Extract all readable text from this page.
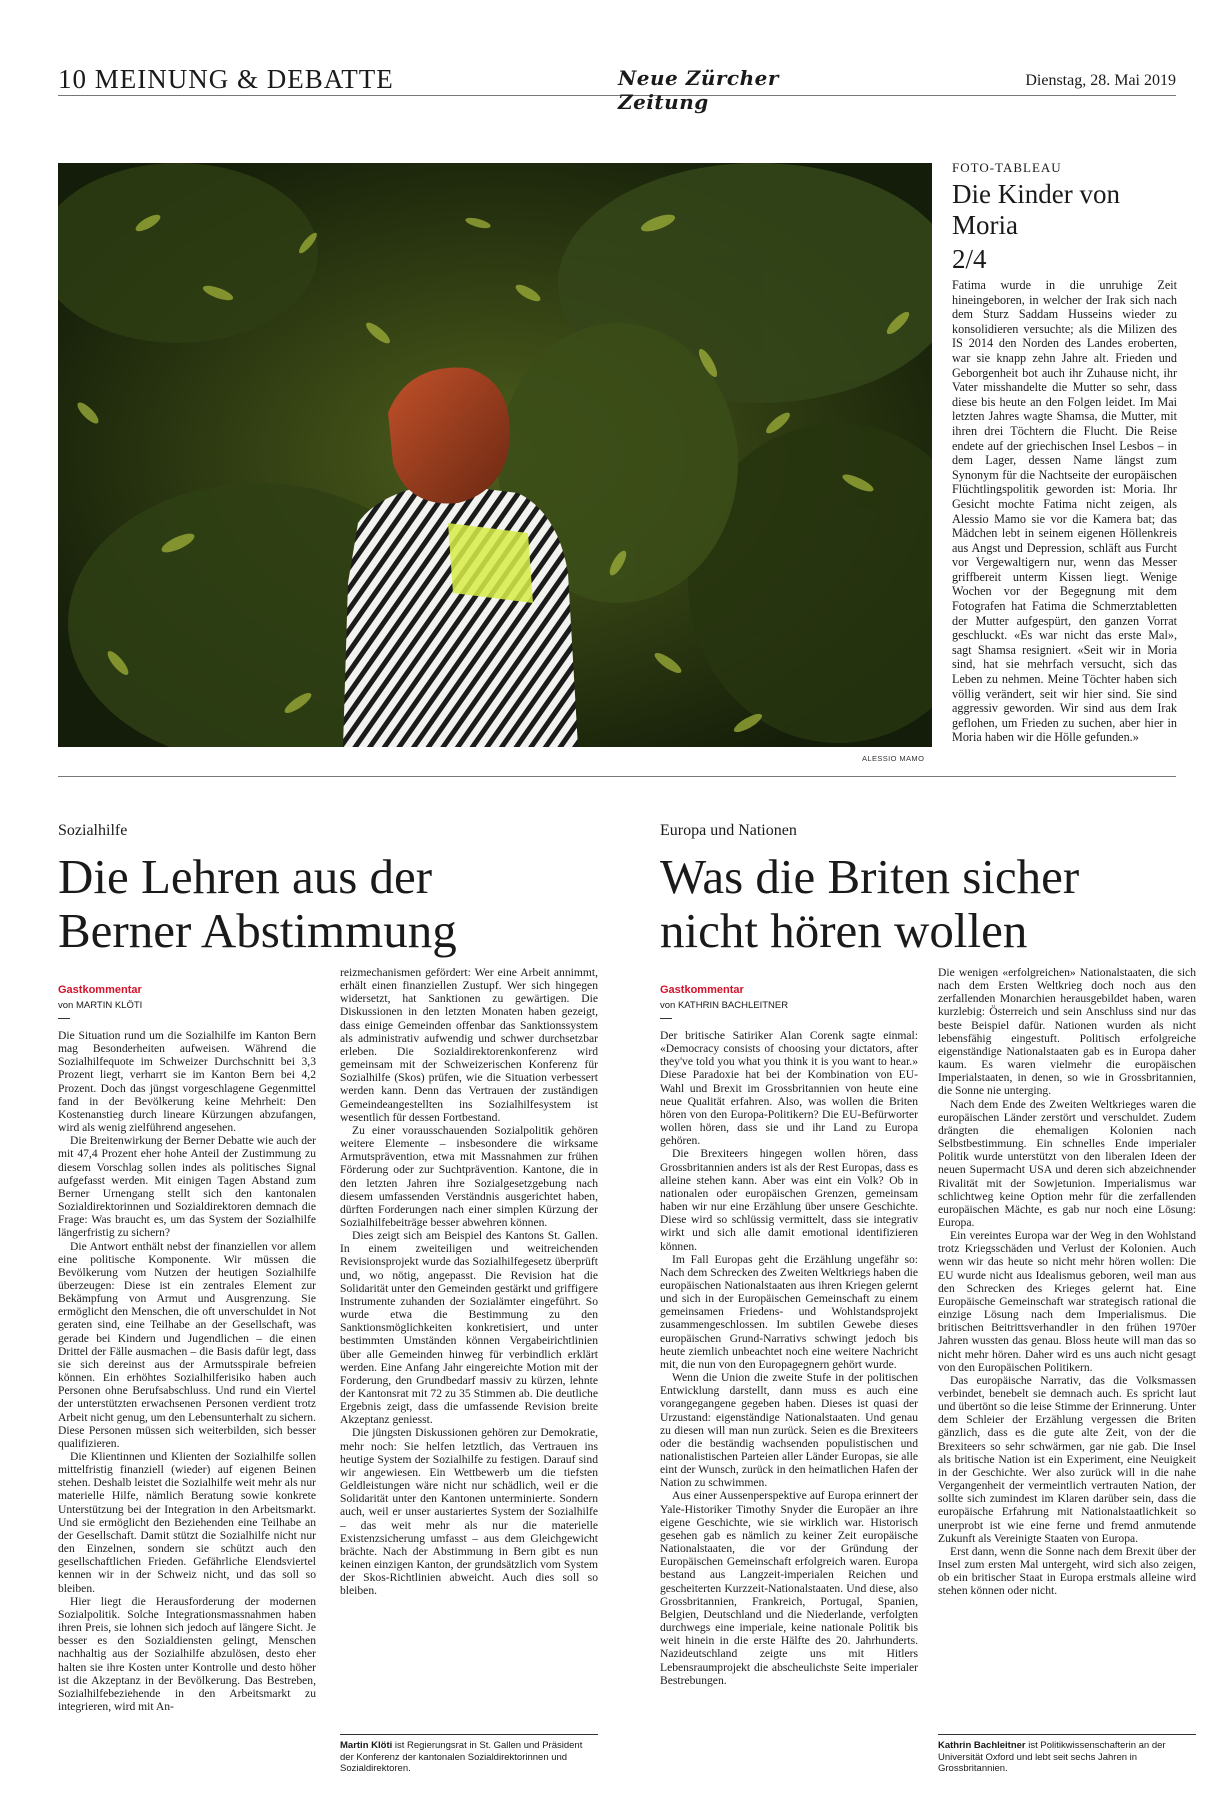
10 MEINUNG & DEBATTE	Neue Zürcher Zeitung
Dienstag, 28. Mai 2019
ALESSIO MAMO
FOTO-TABLEAU
Die Kinder von Moria
2/4
Fatima wurde in die unruhige Zeit hineingeboren, in welcher der Irak sich nach dem Sturz Saddam Husseins wieder zu konsolidieren versuchte; als die Milizen des IS 2014 den Norden des Landes eroberten, war sie knapp zehn Jahre alt. Frieden und Geborgenheit bot auch ihr Zuhause nicht, ihr Vater misshandelte die Mutter so sehr, dass diese bis heute an den Folgen leidet. Im Mai letzten Jahres wagte Shamsa, die Mutter, mit ihren drei Töchtern die Flucht. Die Reise endete auf der griechischen Insel Lesbos – in dem Lager, dessen Name längst zum Synonym für die Nachtseite der europäischen Flüchtlingspolitik geworden ist: Moria. Ihr Gesicht mochte Fatima nicht zeigen, als Alessio Mamo sie vor die Kamera bat; das Mädchen lebt in seinem eigenen Höllenkreis aus Angst und Depression, schläft aus Furcht vor Vergewaltigern nur, wenn das Messer griffbereit unterm Kissen liegt. Wenige Wochen vor der Begegnung mit dem Fotografen hat Fatima die Schmerztabletten der Mutter aufgespürt, den ganzen Vorrat geschluckt. «Es war nicht das erste Mal», sagt Shamsa resigniert. «Seit wir in Moria sind, hat sie mehrfach versucht, sich das Leben zu nehmen. Meine Töchter haben sich völlig verändert, seit wir hier sind. Sie sind aggressiv geworden. Wir sind aus dem Irak geflohen, um Frieden zu suchen, aber hier in Moria haben wir die Hölle gefunden.»
Sozialhilfe
Die Lehren aus der
Berner Abstimmung
Gastkommentar
von MARTIN KLÖTI

Die Situation rund um die Sozialhilfe im Kanton Bern mag Besonderheiten aufweisen. Während die Sozialhilfequote im Schweizer Durchschnitt bei 3,3 Prozent liegt, verharrt sie im Kanton Bern bei 4,2 Prozent. Doch das jüngst vorgeschlagene Gegenmittel fand in der Bevölkerung keine Mehrheit: Den Kostenanstieg durch lineare Kürzungen abzufangen, wird als wenig zielführend angesehen.

Die Breitenwirkung der Berner Debatte wie auch der mit 47,4 Prozent eher hohe Anteil der Zustimmung zu diesem Vorschlag sollen indes als politisches Signal aufgefasst werden. Mit einigen Tagen Abstand zum Berner Urnengang stellt sich den kantonalen Sozialdirektorinnen und Sozialdirektoren demnach die Frage: Was braucht es, um das System der Sozialhilfe längerfristig zu sichern?

Die Antwort enthält nebst der finanziellen vor allem eine politische Komponente. Wir müssen die Bevölkerung vom Nutzen der heutigen Sozialhilfe überzeugen: Diese ist ein zentrales Element zur Bekämpfung von Armut und Ausgrenzung. Sie ermöglicht den Menschen, die oft unverschuldet in Not geraten sind, eine Teilhabe an der Gesellschaft, was gerade bei Kindern und Jugendlichen – die einen Drittel der Fälle ausmachen – die Basis dafür legt, dass sie sich dereinst aus der Armutsspirale befreien können. Ein erhöhtes Sozialhilferisiko haben auch Personen ohne Berufsabschluss. Und rund ein Viertel der unterstützten erwachsenen Personen verdient trotz Arbeit nicht genug, um den Lebensunterhalt zu sichern. Diese Personen müssen sich weiterbilden, sich besser qualifizieren.

Die Klientinnen und Klienten der Sozialhilfe sollen mittelfristig finanziell (wieder) auf eigenen Beinen stehen. Deshalb leistet die Sozialhilfe weit mehr als nur materielle Hilfe, nämlich Beratung sowie konkrete Unterstützung bei der Integration in den Arbeitsmarkt. Und sie ermöglicht den Beziehenden eine Teilhabe an der Gesellschaft. Damit stützt die Sozialhilfe nicht nur den Einzelnen, sondern sie schützt auch den gesellschaftlichen Frieden. Gefährliche Elendsviertel kennen wir in der Schweiz nicht, und das soll so bleiben.

Hier liegt die Herausforderung der modernen Sozialpolitik. Solche Integrationsmassnahmen haben ihren Preis, sie lohnen sich jedoch auf längere Sicht. Je besser es den Sozialdiensten gelingt, Menschen nachhaltig aus der Sozialhilfe abzulösen, desto eher halten sie ihre Kosten unter Kontrolle und desto höher ist die Akzeptanz in der Bevölkerung. Das Bestreben, Sozialhilfebeziehende in den Arbeitsmarkt zu integrieren, wird mit An-

reizmechanismen gefördert: Wer eine Arbeit annimmt, erhält einen finanziellen Zustupf. Wer sich hingegen widersetzt, hat Sanktionen zu gewärtigen. Die Diskussionen in den letzten Monaten haben gezeigt, dass einige Gemeinden offenbar das Sanktionssystem als administrativ aufwendig und schwer durchsetzbar erleben. Die Sozialdirektorenkonferenz wird gemeinsam mit der Schweizerischen Konferenz für Sozialhilfe (Skos) prüfen, wie die Situation verbessert werden kann. Denn das Vertrauen der zuständigen Gemeindeangestellten ins Sozialhilfesystem ist wesentlich für dessen Fortbestand.

Zu einer vorausschauenden Sozialpolitik gehören weitere Elemente – insbesondere die wirksame Armutsprävention, etwa mit Massnahmen zur frühen Förderung oder zur Suchtprävention. Kantone, die in den letzten Jahren ihre Sozialgesetzgebung nach diesem umfassenden Verständnis ausgerichtet haben, dürften Forderungen nach einer simplen Kürzung der Sozialhilfebeiträge besser abwehren können.

Dies zeigt sich am Beispiel des Kantons St. Gallen. In einem zweiteiligen und weitreichenden Revisionsprojekt wurde das Sozialhilfegesetz überprüft und, wo nötig, angepasst. Die Revision hat die Solidarität unter den Gemeinden gestärkt und griffigere Instrumente zuhanden der Sozialämter eingeführt. So wurde etwa die Bestimmung zu den Sanktionsmöglichkeiten konkretisiert, und unter bestimmten Umständen können Vergabeirichtlinien über alle Gemeinden hinweg für verbindlich erklärt werden. Eine Anfang Jahr eingereichte Motion mit der Forderung, den Grundbedarf massiv zu kürzen, lehnte der Kantonsrat mit 72 zu 35 Stimmen ab. Die deutliche Ergebnis zeigt, dass die umfassende Revision breite Akzeptanz geniesst.

Die jüngsten Diskussionen gehören zur Demokratie, mehr noch: Sie helfen letztlich, das Vertrauen ins heutige System der Sozialhilfe zu festigen. Darauf sind wir angewiesen. Ein Wettbewerb um die tiefsten Geldleistungen wäre nicht nur schädlich, weil er die Solidarität unter den Kantonen unterminierte. Sondern auch, weil er unser austariertes System der Sozialhilfe – das weit mehr als nur die materielle Existenzsicherung umfasst – aus dem Gleichgewicht brächte. Nach der Abstimmung in Bern gibt es nun keinen einzigen Kanton, der grundsätzlich vom System der Skos-Richtlinien abweicht. Auch dies soll so bleiben.

Martin Klöti ist Regierungsrat in St. Gallen und Präsident der Konferenz der kantonalen Sozialdirektorinnen und Sozialdirektoren.
Europa und Nationen
Was die Briten sicher
nicht hören wollen
Gastkommentar
von KATHRIN BACHLEITNER

Der britische Satiriker Alan Corenk sagte einmal: «Democracy consists of choosing your dictators, after they've told you what you think it is you want to hear.» Diese Paradoxie hat bei der Kombination von EU-Wahl und Brexit im Grossbritannien von heute eine neue Qualität erfahren. Also, was wollen die Briten hören von den Europa-Politikern? Die EU-Befürworter wollen hören, dass sie und ihr Land zu Europa gehören.

Die Brexiteers hingegen wollen hören, dass Grossbritannien anders ist als der Rest Europas, dass es alleine stehen kann. Aber was eint ein Volk? Ob in nationalen oder europäischen Grenzen, gemeinsam haben wir nur eine Erzählung über unsere Geschichte. Diese wird so schlüssig vermittelt, dass sie integrativ wirkt und sich alle damit emotional identifizieren können.

Im Fall Europas geht die Erzählung ungefähr so: Nach dem Schrecken des Zweiten Weltkriegs haben die europäischen Nationalstaaten aus ihren Kriegen gelernt und sich in der Europäischen Gemeinschaft zu einem gemeinsamen Friedens- und Wohlstandsprojekt zusammengeschlossen. Im subtilen Gewebe dieses europäischen Grund-Narrativs schwingt jedoch bis heute ziemlich unbeachtet noch eine weitere Nachricht mit, die nun von den Europagegnern gehört wurde.

Wenn die Union die zweite Stufe in der politischen Entwicklung darstellt, dann muss es auch eine vorangegangene gegeben haben. Dieses ist quasi der Urzustand: eigenständige Nationalstaaten. Und genau zu diesen will man nun zurück. Seien es die Brexiteers oder die beständig wachsenden populistischen und nationalistischen Parteien aller Länder Europas, sie alle eint der Wunsch, zurück in den heimatlichen Hafen der Nation zu schwimmen.

Aus einer Aussenperspektive auf Europa erinnert der Yale-Historiker Timothy Snyder die Europäer an ihre eigene Geschichte, wie sie wirklich war. Historisch gesehen gab es nämlich zu keiner Zeit europäische Nationalstaaten, die vor der Gründung der Europäischen Gemeinschaft erfolgreich waren. Europa bestand aus Langzeit-imperialen Reichen und gescheiterten Kurzzeit-Nationalstaaten. Und diese, also Grossbritannien, Frankreich, Portugal, Spanien, Belgien, Deutschland und die Niederlande, verfolgten durchwegs eine imperiale, keine nationale Politik bis weit hinein in die erste Hälfte des 20. Jahrhunderts. Nazideutschland zeigte uns mit Hitlers Lebensraumprojekt die abscheulichste Seite imperialer Bestrebungen.

Die wenigen «erfolgreichen» Nationalstaaten, die sich nach dem Ersten Weltkrieg doch noch aus den zerfallenden Monarchien herausgebildet haben, waren kurzlebig: Österreich und sein Anschluss sind nur das beste Beispiel dafür. Nationen wurden als nicht lebensfähig eingestuft. Politisch erfolgreiche eigenständige Nationalstaaten gab es in Europa daher kaum. Es waren vielmehr die europäischen Imperialstaaten, in denen, so wie in Grossbritannien, die Sonne nie unterging.

Nach dem Ende des Zweiten Weltkrieges waren die europäischen Länder zerstört und verschuldet. Zudem drängten die ehemaligen Kolonien nach Selbstbestimmung. Ein schnelles Ende imperialer Politik wurde unterstützt von den liberalen Ideen der neuen Supermacht USA und deren sich abzeichnender Rivalität mit der Sowjetunion. Imperialismus war schlichtweg keine Option mehr für die zerfallenden europäischen Mächte, es gab nur noch eine Lösung: Europa.

Ein vereintes Europa war der Weg in den Wohlstand trotz Kriegsschäden und Verlust der Kolonien. Auch wenn wir das heute so nicht mehr hören wollen: Die EU wurde nicht aus Idealismus geboren, weil man aus den Schrecken des Krieges gelernt hat. Eine Europäische Gemeinschaft war strategisch rational die einzige Lösung nach dem Imperialismus. Die britischen Beitrittsverhandler in den frühen 1970er Jahren wussten das genau. Bloss heute will man das so nicht mehr hören. Daher wird es uns auch nicht gesagt von den Europäischen Politikern.

Das europäische Narrativ, das die Volksmassen verbindet, benebelt sie demnach auch. Es spricht laut und übertönt so die leise Stimme der Erinnerung. Unter dem Schleier der Erzählung vergessen die Briten gänzlich, dass es die gute alte Zeit, von der die Brexiteers so sehr schwärmen, gar nie gab. Die Insel als britische Nation ist ein Experiment, eine Neuigkeit in der Geschichte. Wer also zurück will in die nahe Vergangenheit der vermeintlich vertrauten Nation, der sollte sich zumindest im Klaren darüber sein, dass die europäische Erfahrung mit Nationalstaatlichkeit so unerprobt ist wie eine ferne und fremd anmutende Zukunft als Vereinigte Staaten von Europa.

Erst dann, wenn die Sonne nach dem Brexit über der Insel zum ersten Mal untergeht, wird sich also zeigen, ob ein britischer Staat in Europa erstmals alleine wird stehen können oder nicht.

Kathrin Bachleitner ist Politikwissenschafterin an der Universität Oxford und lebt seit sechs Jahren in Grossbritannien.
